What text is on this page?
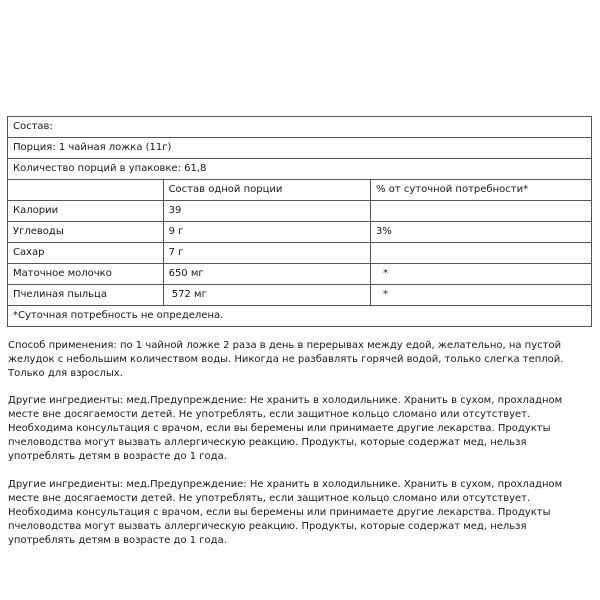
Состав:		
Порция: 1 чайная ложка (11г)		
Количество порций в упаковке: 61,8		
	Состав одной порции	% от суточной потребности*
Калории	39	
Углеводы	9 г	3%
Сахар	7 г	
Маточное молочко	650 мг	*
Пчелиная пыльца	572 мг	*
*Суточная потребность не определена.		

Способ применения: по 1 чайной ложке 2 раза в день в перерывах между едой, желательно, на пустой желудок с небольшим количеством воды. Никогда не разбавлять горячей водой, только слегка теплой. Только для взрослых.

Другие ингредиенты: мед.Предупреждение: Не хранить в холодильнике. Хранить в сухом, прохладном месте вне досягаемости детей. Не употреблять, если защитное кольцо сломано или отсутствует. Необходима консультация с врачом, если вы беремены или принимаете другие лекарства. Продукты пчеловодства могут вызвать аллергическую реакцию. Продукты, которые содержат мед, нельзя употреблять детям в возрасте до 1 года.

Другие ингредиенты: мед.Предупреждение: Не хранить в холодильнике. Хранить в сухом, прохладном месте вне досягаемости детей. Не употреблять, если защитное кольцо сломано или отсутствует. Необходима консультация с врачом, если вы беремены или принимаете другие лекарства. Продукты пчеловодства могут вызвать аллергическую реакцию. Продукты, которые содержат мед, нельзя употреблять детям в возрасте до 1 года.
